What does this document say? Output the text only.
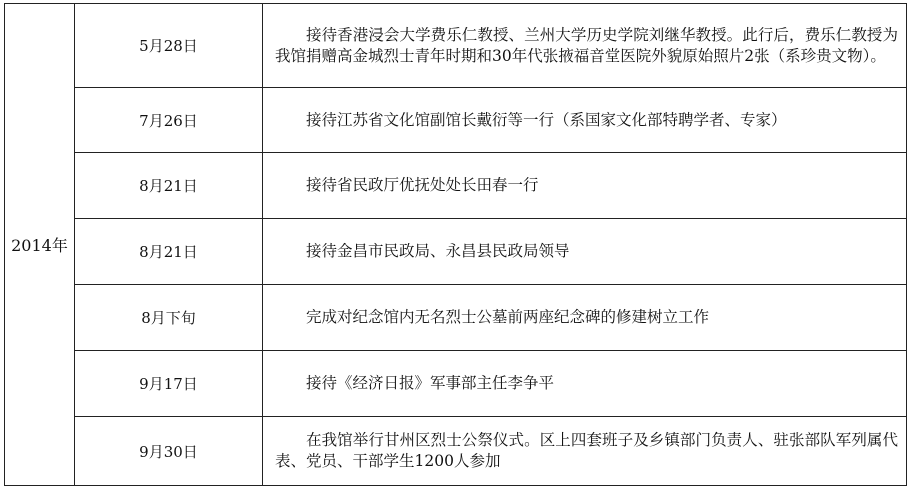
2014年	5月28日	接待香港浸会大学费乐仁教授、兰州大学历史学院刘继华教授。此行后，费乐仁教授为我馆捐赠高金城烈士青年时期和30年代张掖福音堂医院外貌原始照片2张（系珍贵文物）。
	7月26日	接待江苏省文化馆副馆长戴衍等一行（系国家文化部特聘学者、专家）
	8月21日	接待省民政厅优抚处处长田春一行
	8月21日	接待金昌市民政局、永昌县民政局领导
	8月下旬	完成对纪念馆内无名烈士公墓前两座纪念碑的修建树立工作
	9月17日	接待《经济日报》军事部主任李争平
	9月30日	在我馆举行甘州区烈士公祭仪式。区上四套班子及乡镇部门负责人、驻张部队军列属代表、党员、干部学生1200人参加
